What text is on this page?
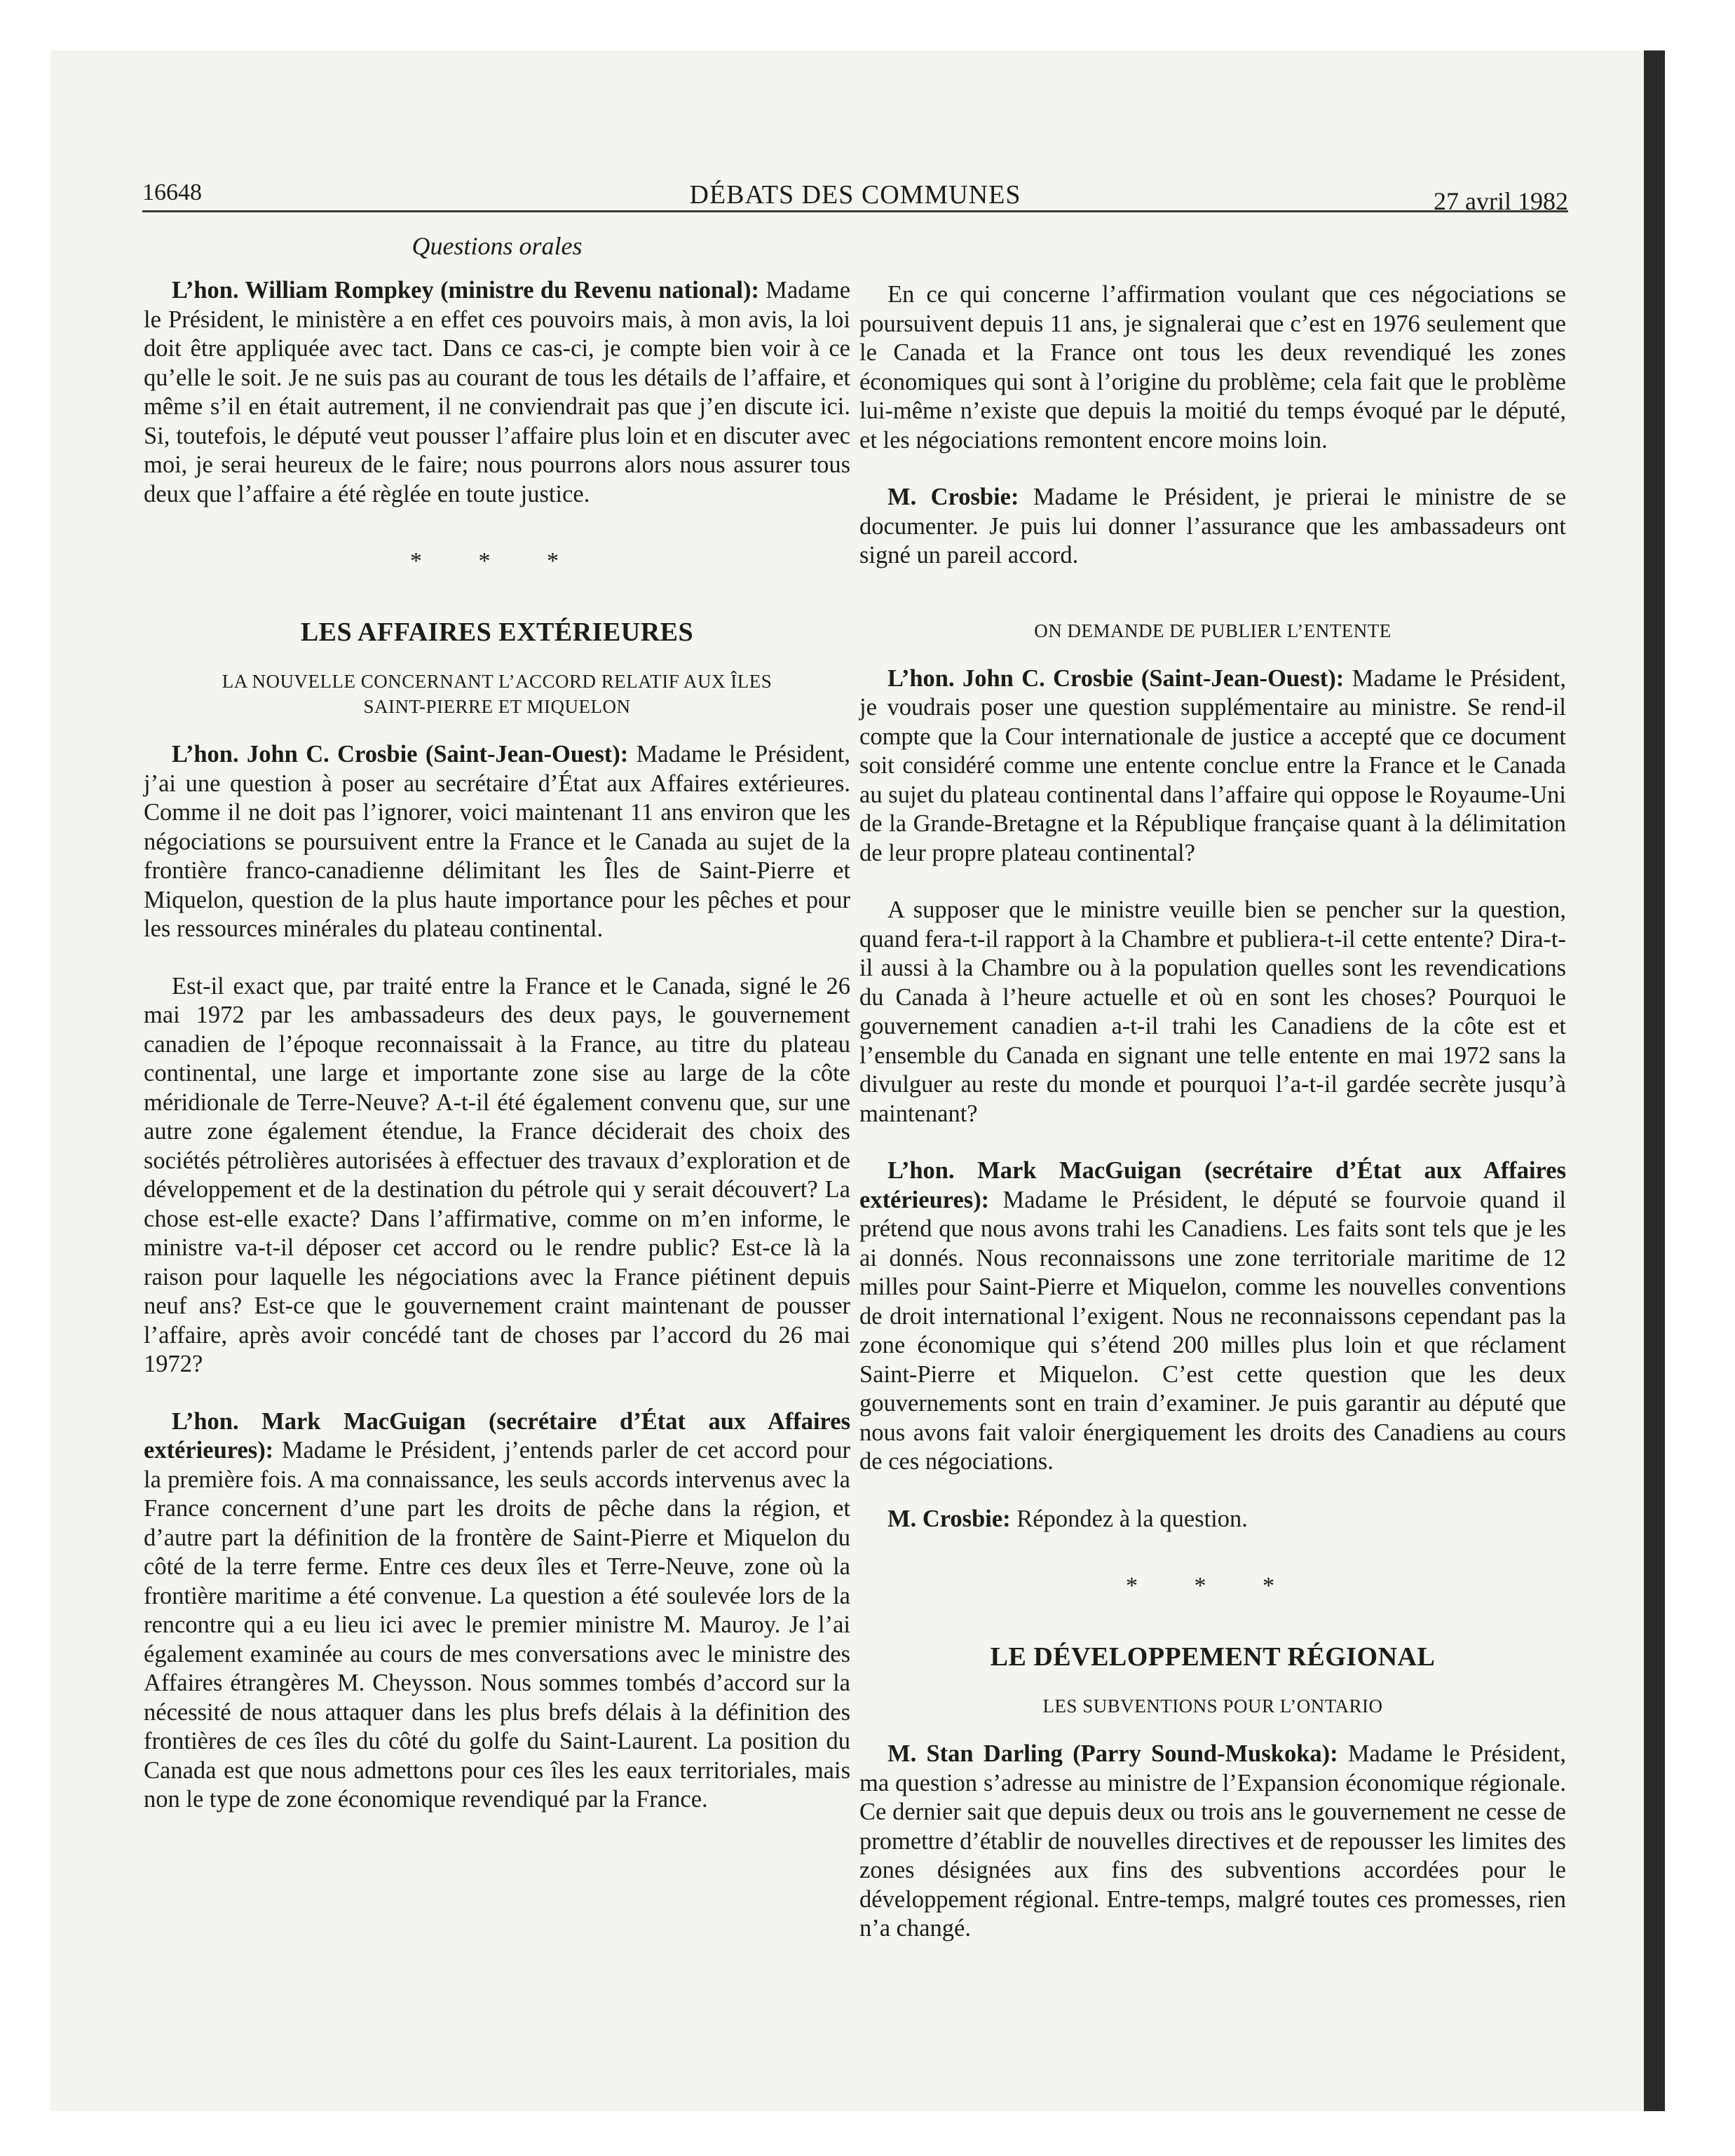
16648	DÉBATS DES COMMUNES	27 avril 1982
Questions orales

L’hon. William Rompkey (ministre du Revenu national): Madame le Président, le ministère a en effet ces pouvoirs mais, à mon avis, la loi doit être appliquée avec tact. Dans ce cas-ci, je compte bien voir à ce qu’elle le soit. Je ne suis pas au courant de tous les détails de l’affaire, et même s’il en était autrement, il ne conviendrait pas que j’en discute ici. Si, toutefois, le député veut pousser l’affaire plus loin et en discuter avec moi, je serai heureux de le faire; nous pourrons alors nous assurer tous deux que l’affaire a été règlée en toute justice.

* * *
LES AFFAIRES EXTÉRIEURES
LA NOUVELLE CONCERNANT L’ACCORD RELATIF AUX ÎLES
SAINT-PIERRE ET MIQUELON

L’hon. John C. Crosbie (Saint-Jean-Ouest): Madame le Président, j’ai une question à poser au secrétaire d’État aux Affaires extérieures. Comme il ne doit pas l’ignorer, voici maintenant 11 ans environ que les négociations se poursuivent entre la France et le Canada au sujet de la frontière franco-canadienne délimitant les Îles de Saint-Pierre et Miquelon, question de la plus haute importance pour les pêches et pour les ressources minérales du plateau continental.

Est-il exact que, par traité entre la France et le Canada, signé le 26 mai 1972 par les ambassadeurs des deux pays, le gouvernement canadien de l’époque reconnaissait à la France, au titre du plateau continental, une large et importante zone sise au large de la côte méridionale de Terre-Neuve? A-t-il été également convenu que, sur une autre zone également étendue, la France déciderait des choix des sociétés pétrolières autorisées à effectuer des travaux d’exploration et de développement et de la destination du pétrole qui y serait découvert? La chose est-elle exacte? Dans l’affirmative, comme on m’en informe, le ministre va-t-il déposer cet accord ou le rendre public? Est-ce là la raison pour laquelle les négociations avec la France piétinent depuis neuf ans? Est-ce que le gouvernement craint maintenant de pousser l’affaire, après avoir concédé tant de choses par l’accord du 26 mai 1972?

L’hon. Mark MacGuigan (secrétaire d’État aux Affaires extérieures): Madame le Président, j’entends parler de cet accord pour la première fois. A ma connaissance, les seuls accords intervenus avec la France concernent d’une part les droits de pêche dans la région, et d’autre part la définition de la frontère de Saint-Pierre et Miquelon du côté de la terre ferme. Entre ces deux îles et Terre-Neuve, zone où la frontière maritime a été convenue. La question a été soulevée lors de la rencontre qui a eu lieu ici avec le premier ministre M. Mauroy. Je l’ai également examinée au cours de mes conversations avec le ministre des Affaires étrangères M. Cheysson. Nous sommes tombés d’accord sur la nécessité de nous attaquer dans les plus brefs délais à la définition des frontières de ces îles du côté du golfe du Saint-Laurent. La position du Canada est que nous admettons pour ces îles les eaux territoriales, mais non le type de zone économique revendiqué par la France.

En ce qui concerne l’affirmation voulant que ces négociations se poursuivent depuis 11 ans, je signalerai que c’est en 1976 seulement que le Canada et la France ont tous les deux revendiqué les zones économiques qui sont à l’origine du problème; cela fait que le problème lui-même n’existe que depuis la moitié du temps évoqué par le député, et les négociations remontent encore moins loin.

M. Crosbie: Madame le Président, je prierai le ministre de se documenter. Je puis lui donner l’assurance que les ambassadeurs ont signé un pareil accord.

ON DEMANDE DE PUBLIER L’ENTENTE

L’hon. John C. Crosbie (Saint-Jean-Ouest): Madame le Président, je voudrais poser une question supplémentaire au ministre. Se rend-il compte que la Cour internationale de justice a accepté que ce document soit considéré comme une entente conclue entre la France et le Canada au sujet du plateau continental dans l’affaire qui oppose le Royaume-Uni de la Grande-Bretagne et la République française quant à la délimitation de leur propre plateau continental?

A supposer que le ministre veuille bien se pencher sur la question, quand fera-t-il rapport à la Chambre et publiera-t-il cette entente? Dira-t-il aussi à la Chambre ou à la population quelles sont les revendications du Canada à l’heure actuelle et où en sont les choses? Pourquoi le gouvernement canadien a-t-il trahi les Canadiens de la côte est et l’ensemble du Canada en signant une telle entente en mai 1972 sans la divulguer au reste du monde et pourquoi l’a-t-il gardée secrète jusqu’à maintenant?

L’hon. Mark MacGuigan (secrétaire d’État aux Affaires extérieures): Madame le Président, le député se fourvoie quand il prétend que nous avons trahi les Canadiens. Les faits sont tels que je les ai donnés. Nous reconnaissons une zone territoriale maritime de 12 milles pour Saint-Pierre et Miquelon, comme les nouvelles conventions de droit international l’exigent. Nous ne reconnaissons cependant pas la zone économique qui s’étend 200 milles plus loin et que réclament Saint-Pierre et Miquelon. C’est cette question que les deux gouvernements sont en train d’examiner. Je puis garantir au député que nous avons fait valoir énergiquement les droits des Canadiens au cours de ces négociations.

M. Crosbie: Répondez à la question.

* * *
LE DÉVELOPPEMENT RÉGIONAL
LES SUBVENTIONS POUR L’ONTARIO

M. Stan Darling (Parry Sound-Muskoka): Madame le Président, ma question s’adresse au ministre de l’Expansion économique régionale. Ce dernier sait que depuis deux ou trois ans le gouvernement ne cesse de promettre d’établir de nouvelles directives et de repousser les limites des zones désignées aux fins des subventions accordées pour le développement régional. Entre-temps, malgré toutes ces promesses, rien n’a changé.
